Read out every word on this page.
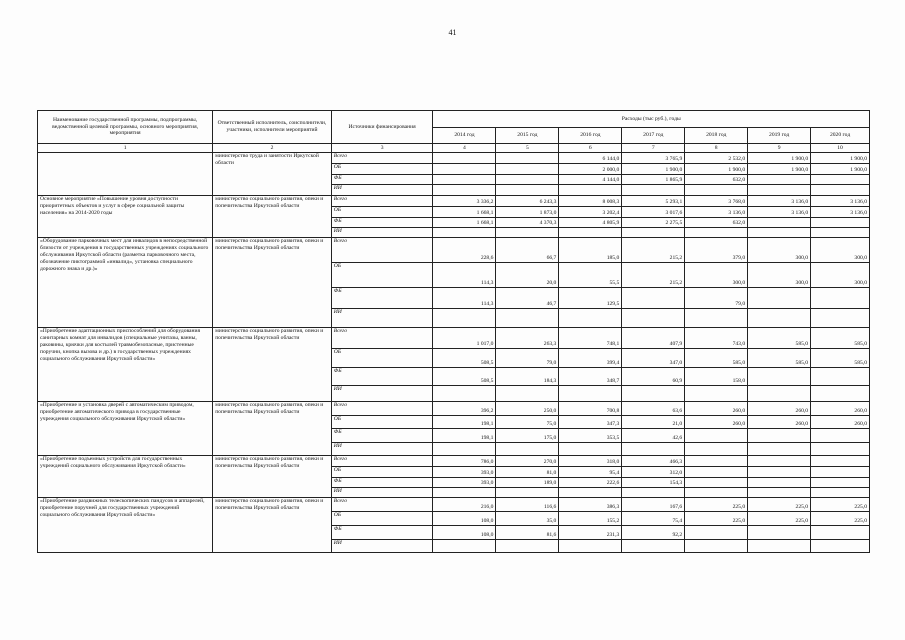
41
Наименование государственной программы, подпрограммы, ведомственной целевой программы, основного мероприятия, мероприятия	Ответственный исполнитель, соисполнители, участники, исполнители мероприятий	Источники финансирования	Расходы (тыс руб.), годы						
			2014 год	2015 год	2016 год	2017 год	2018 год	2019 год	2020 год
1	2	3	4	5	6	7	8	9	10
	министерство труда и занятости Иркутской области	Всего			6 144,0	3 765,9	2 532,0	1 900,0	1 900,0
		ОБ			2 000,0	1 900,0	1 900,0	1 900,0	1 900,0
		ФБ			4 144,0	1 865,9	632,0		
		ИИ							
Основное мероприятие «Повышение уровня доступности приоритетных объектов и услуг в сфере социальной защиты населения» на 2014-2020 годы	министерство социального развития, опеки и попечительства Иркутской области	Всего	3 336,2	6 243,3	8 008,3	5 293,1	3 768,0	3 136,0	3 136,0
		ОБ	1 668,1	1 873,0	3 202,4	3 017,6	3 136,0	3 136,0	3 136,0
		ФБ	1 668,1	4 370,3	4 805,9	2 275,5	632,0		
		ИИ							
«Оборудование парковочных мест для инвалидов в непосредственной близости от учреждения в государственных учреждениях социального обслуживания Иркутской области (разметка парковочного места, обозначение пиктограммой «инвалид», установка специального дорожного знака и др.)»	министерство социального развития, опеки и попечительства Иркутской области	Всего	228,6	66,7	185,0	215,2	379,0	300,0	300,0
		ОБ	114,3	20,0	55,5	215,2	300,0	300,0	300,0
		ФБ	114,3	46,7	129,5		79,0		
		ИИ							
«Приобретение адаптационных приспособлений для оборудования санитарных комнат для инвалидов (специальные унитазы, ванны, раковины, крючки для костылей травмобезопасные, пристенные поручни, кнопка вызова и др.) в государственных учреждениях социального обслуживания Иркутской области»	министерство социального развития, опеки и попечительства Иркутской области	Всего	1 017,0	263,3	748,1	407,9	743,0	585,0	585,0
		ОБ	508,5	79,0	399,4	347,0	585,0	585,0	585,0
		ФБ	508,5	184,3	348,7	60,9	158,0		
		ИИ							
«Приобретение и установка дверей с автоматическим приводом, приобретение автоматического привода в государственные учреждения социального обслуживания Иркутской области»	министерство социального развития, опеки и попечительства Иркутской области	Всего	396,2	250,0	700,8	63,6	260,0	260,0	260,0
		ОБ	198,1	75,0	347,3	21,0	260,0	260,0	260,0
		ФБ	198,1	175,0	353,5	42,6			
		ИИ							
«Приобретение подъемных устройств для государственных учреждений социального обслуживания Иркутской области»	министерство социального развития, опеки и попечительства Иркутской области	Всего	786,0	270,0	318,0	466,3			
		ОБ	393,0	81,0	95,4	312,0			
		ФБ	393,0	189,0	222,6	154,3			
		ИИ							
«Приобретение раздвижных телескопических пандусов и аппарелей, приобретение поручней для государственных учреждений социального обслуживания Иркутской области»	министерство социального развития, опеки и попечительства Иркутской области	Всего	216,0	116,6	386,3	167,6	225,0	225,0	225,0
		ОБ	108,0	35,0	155,2	75,4	225,0	225,0	225,0
		ФБ	108,0	81,6	231,3	92,2			
		ИИ							
